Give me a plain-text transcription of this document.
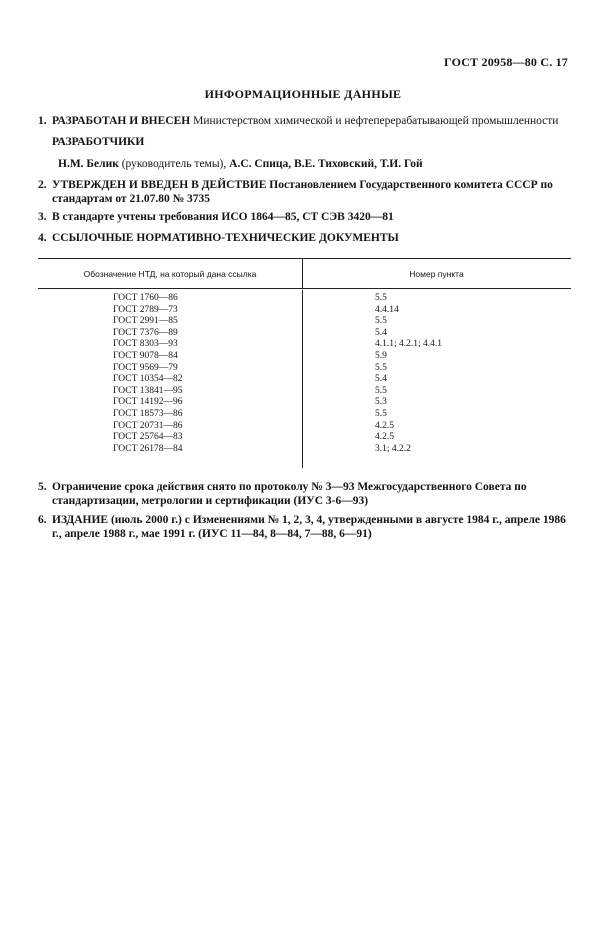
ГОСТ 20958—80 С. 17
ИНФОРМАЦИОННЫЕ ДАННЫЕ
1. РАЗРАБОТАН И ВНЕСЕН Министерством химической и нефтеперерабатывающей промышленности
РАЗРАБОТЧИКИ
Н.М. Белик (руководитель темы), А.С. Спица, В.Е. Тиховский, Т.И. Гой
2. УТВЕРЖДЕН И ВВЕДЕН В ДЕЙСТВИЕ Постановлением Государственного комитета СССР по стандартам от 21.07.80 № 3735
3. В стандарте учтены требования ИСО 1864—85, СТ СЭВ 3420—81
4. ССЫЛОЧНЫЕ НОРМАТИВНО-ТЕХНИЧЕСКИЕ ДОКУМЕНТЫ
Обозначение НТД, на который дана ссылка	Номер пункта
ГОСТ 1760—86	5.5
ГОСТ 2789—73	4.4.14
ГОСТ 2991—85	5.5
ГОСТ 7376—89	5.4
ГОСТ 8303—93	4.1.1; 4.2.1; 4.4.1
ГОСТ 9078—84	5.9
ГОСТ 9569—79	5.5
ГОСТ 10354—82	5.4
ГОСТ 13841—95	5.5
ГОСТ 14192—96	5.3
ГОСТ 18573—86	5.5
ГОСТ 20731—86	4.2.5
ГОСТ 25764—83	4.2.5
ГОСТ 26178—84	3.1; 4.2.2
5. Ограничение срока действия снято по протоколу № 3—93 Межгосударственного Совета по стандартизации, метрологии и сертификации (ИУС 3-6—93)
6. ИЗДАНИЕ (июль 2000 г.) с Изменениями № 1, 2, 3, 4, утвержденными в августе 1984 г., апреле 1986 г., апреле 1988 г., мае 1991 г. (ИУС 11—84, 8—84, 7—88, 6—91)
